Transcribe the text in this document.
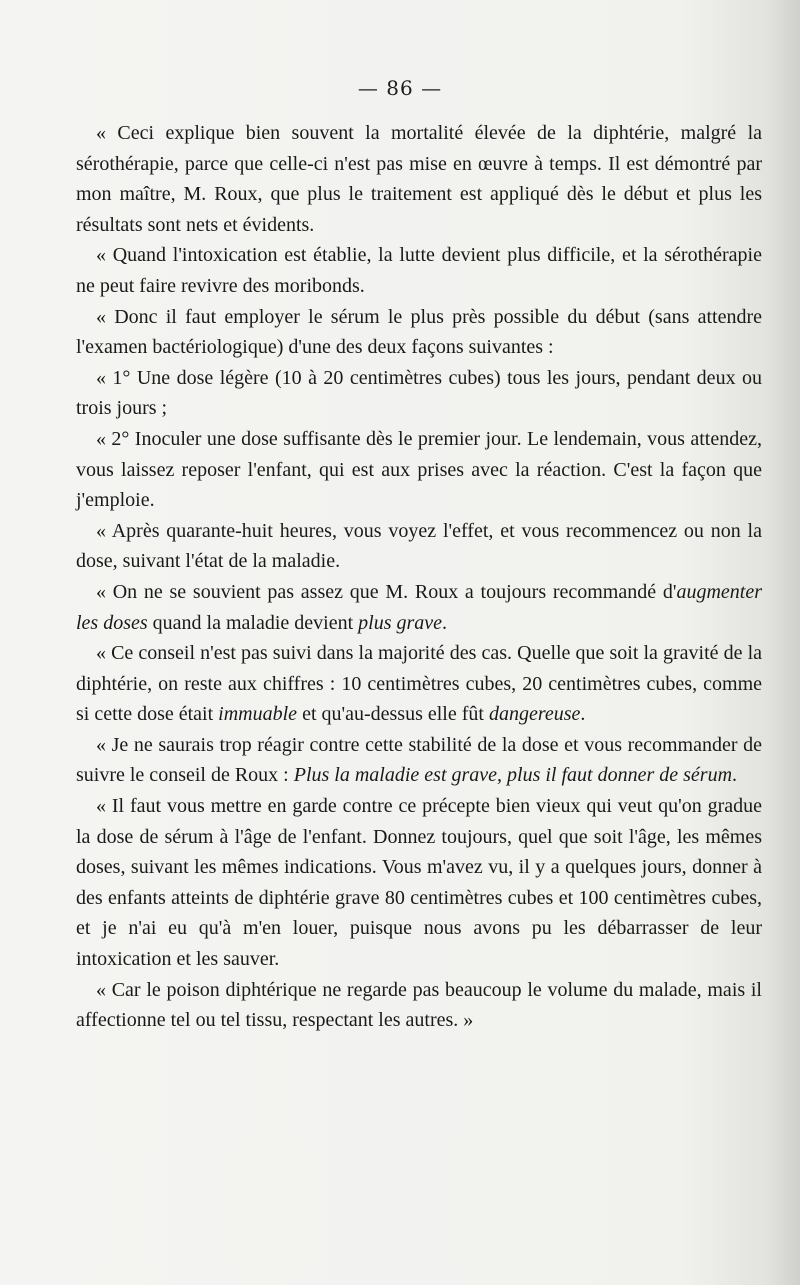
— 86 —

« Ceci explique bien souvent la mortalité élevée de la diphtérie, malgré la sérothérapie, parce que celle-ci n'est pas mise en œuvre à temps. Il est démontré par mon maître, M. Roux, que plus le traitement est appliqué dès le début et plus les résultats sont nets et évidents.

« Quand l'intoxication est établie, la lutte devient plus difficile, et la sérothérapie ne peut faire revivre des moribonds.

« Donc il faut employer le sérum le plus près possible du début (sans attendre l'examen bactériologique) d'une des deux façons suivantes :

« 1° Une dose légère (10 à 20 centimètres cubes) tous les jours, pendant deux ou trois jours ;

« 2° Inoculer une dose suffisante dès le premier jour. Le lendemain, vous attendez, vous laissez reposer l'enfant, qui est aux prises avec la réaction. C'est la façon que j'emploie.

« Après quarante-huit heures, vous voyez l'effet, et vous recommencez ou non la dose, suivant l'état de la maladie.

« On ne se souvient pas assez que M. Roux a toujours recommandé d'augmenter les doses quand la maladie devient plus grave.

« Ce conseil n'est pas suivi dans la majorité des cas. Quelle que soit la gravité de la diphtérie, on reste aux chiffres : 10 centimètres cubes, 20 centimètres cubes, comme si cette dose était immuable et qu'au-dessus elle fût dangereuse.

« Je ne saurais trop réagir contre cette stabilité de la dose et vous recommander de suivre le conseil de Roux : Plus la maladie est grave, plus il faut donner de sérum.

« Il faut vous mettre en garde contre ce précepte bien vieux qui veut qu'on gradue la dose de sérum à l'âge de l'enfant. Donnez toujours, quel que soit l'âge, les mêmes doses, suivant les mêmes indications. Vous m'avez vu, il y a quelques jours, donner à des enfants atteints de diphtérie grave 80 centimètres cubes et 100 centimètres cubes, et je n'ai eu qu'à m'en louer, puisque nous avons pu les débarrasser de leur intoxication et les sauver.

« Car le poison diphtérique ne regarde pas beaucoup le volume du malade, mais il affectionne tel ou tel tissu, respectant les autres. »
